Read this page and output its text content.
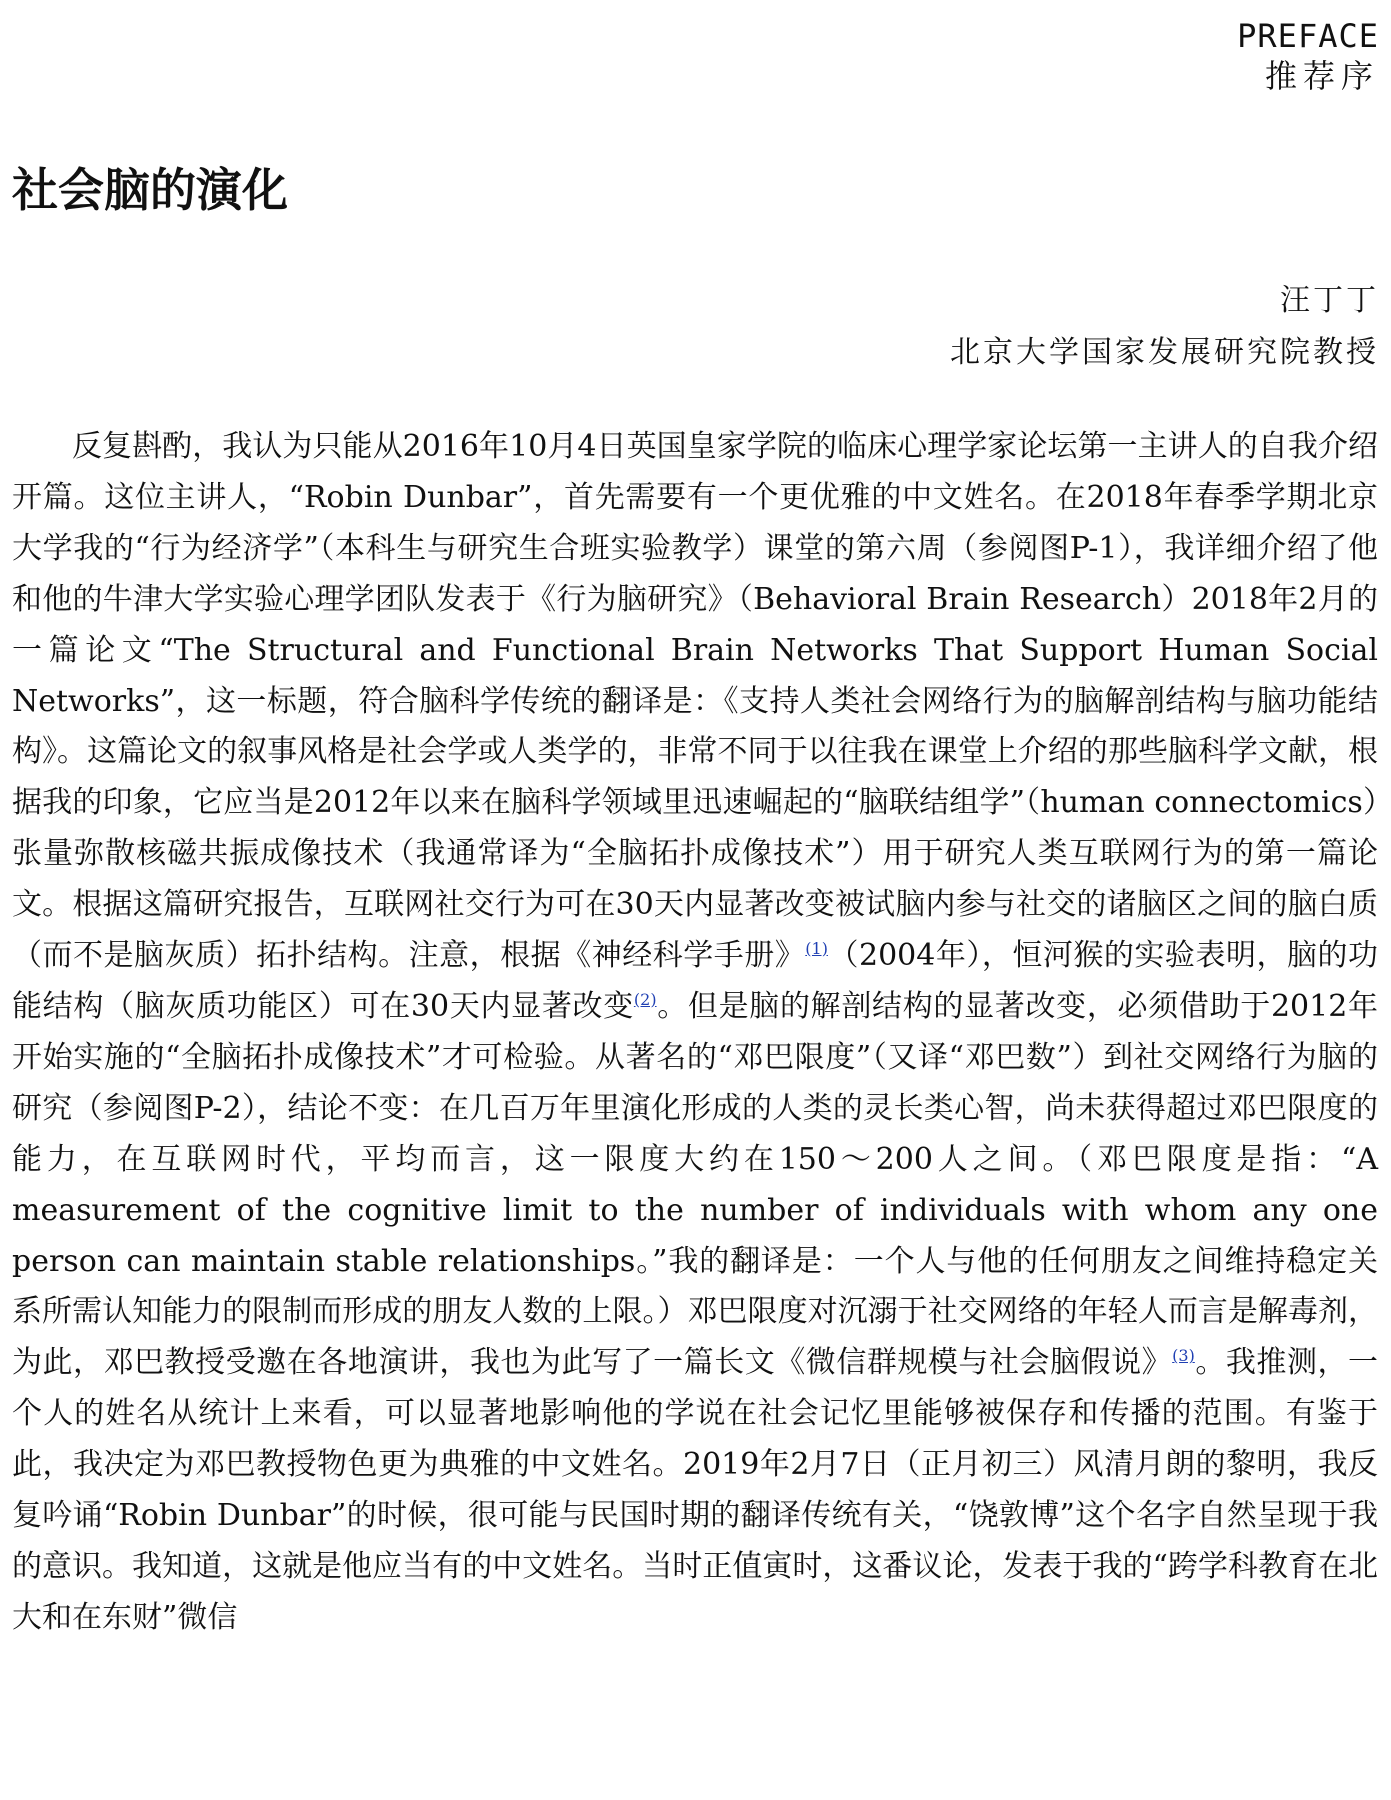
PREFACE
推荐序
社会脑的演化
汪丁丁
北京大学国家发展研究院教授

反复斟酌，我认为只能从2016年10月4日英国皇家学院的临床心理学家论坛第一主讲人的自我介绍开篇。这位主讲人，“Robin Dunbar”，首先需要有一个更优雅的中文姓名。在2018年春季学期北京大学我的“行为经济学”（本科生与研究生合班实验教学）课堂的第六周（参阅图P-1），我详细介绍了他和他的牛津大学实验心理学团队发表于《行为脑研究》（Behavioral Brain Research）2018年2月的一篇论文“The Structural and Functional Brain Networks That Support Human Social Networks”，这一标题，符合脑科学传统的翻译是：《支持人类社会网络行为的脑解剖结构与脑功能结构》。这篇论文的叙事风格是社会学或人类学的，非常不同于以往我在课堂上介绍的那些脑科学文献，根据我的印象，它应当是2012年以来在脑科学领域里迅速崛起的“脑联结组学”（human connectomics）张量弥散核磁共振成像技术（我通常译为“全脑拓扑成像技术”）用于研究人类互联网行为的第一篇论文。根据这篇研究报告，互联网社交行为可在30天内显著改变被试脑内参与社交的诸脑区之间的脑白质（而不是脑灰质）拓扑结构。注意，根据《神经科学手册》$^{(1)}$（2004年），恒河猴的实验表明，脑的功能结构（脑灰质功能区）可在30天内显著改变$^{(2)}$。但是脑的解剖结构的显著改变，必须借助于2012年开始实施的“全脑拓扑成像技术”才可检验。从著名的“邓巴限度”（又译“邓巴数”）到社交网络行为脑的研究（参阅图P-2），结论不变：在几百万年里演化形成的人类的灵长类心智，尚未获得超过邓巴限度的能力，在互联网时代，平均而言，这一限度大约在150～200人之间。（邓巴限度是指：“A measurement of the cognitive limit to the number of individuals with whom any one person can maintain stable relationships。”我的翻译是：一个人与他的任何朋友之间维持稳定关系所需认知能力的限制而形成的朋友人数的上限。）邓巴限度对沉溺于社交网络的年轻人而言是解毒剂，为此，邓巴教授受邀在各地演讲，我也为此写了一篇长文《微信群规模与社会脑假说》$^{(3)}$。我推测，一个人的姓名从统计上来看，可以显著地影响他的学说在社会记忆里能够被保存和传播的范围。有鉴于此，我决定为邓巴教授物色更为典雅的中文姓名。2019年2月7日（正月初三）风清月朗的黎明，我反复吟诵“Robin Dunbar”的时候，很可能与民国时期的翻译传统有关，“饶敦博”这个名字自然呈现于我的意识。我知道，这就是他应当有的中文姓名。当时正值寅时，这番议论，发表于我的“跨学科教育在北大和在东财”微信
